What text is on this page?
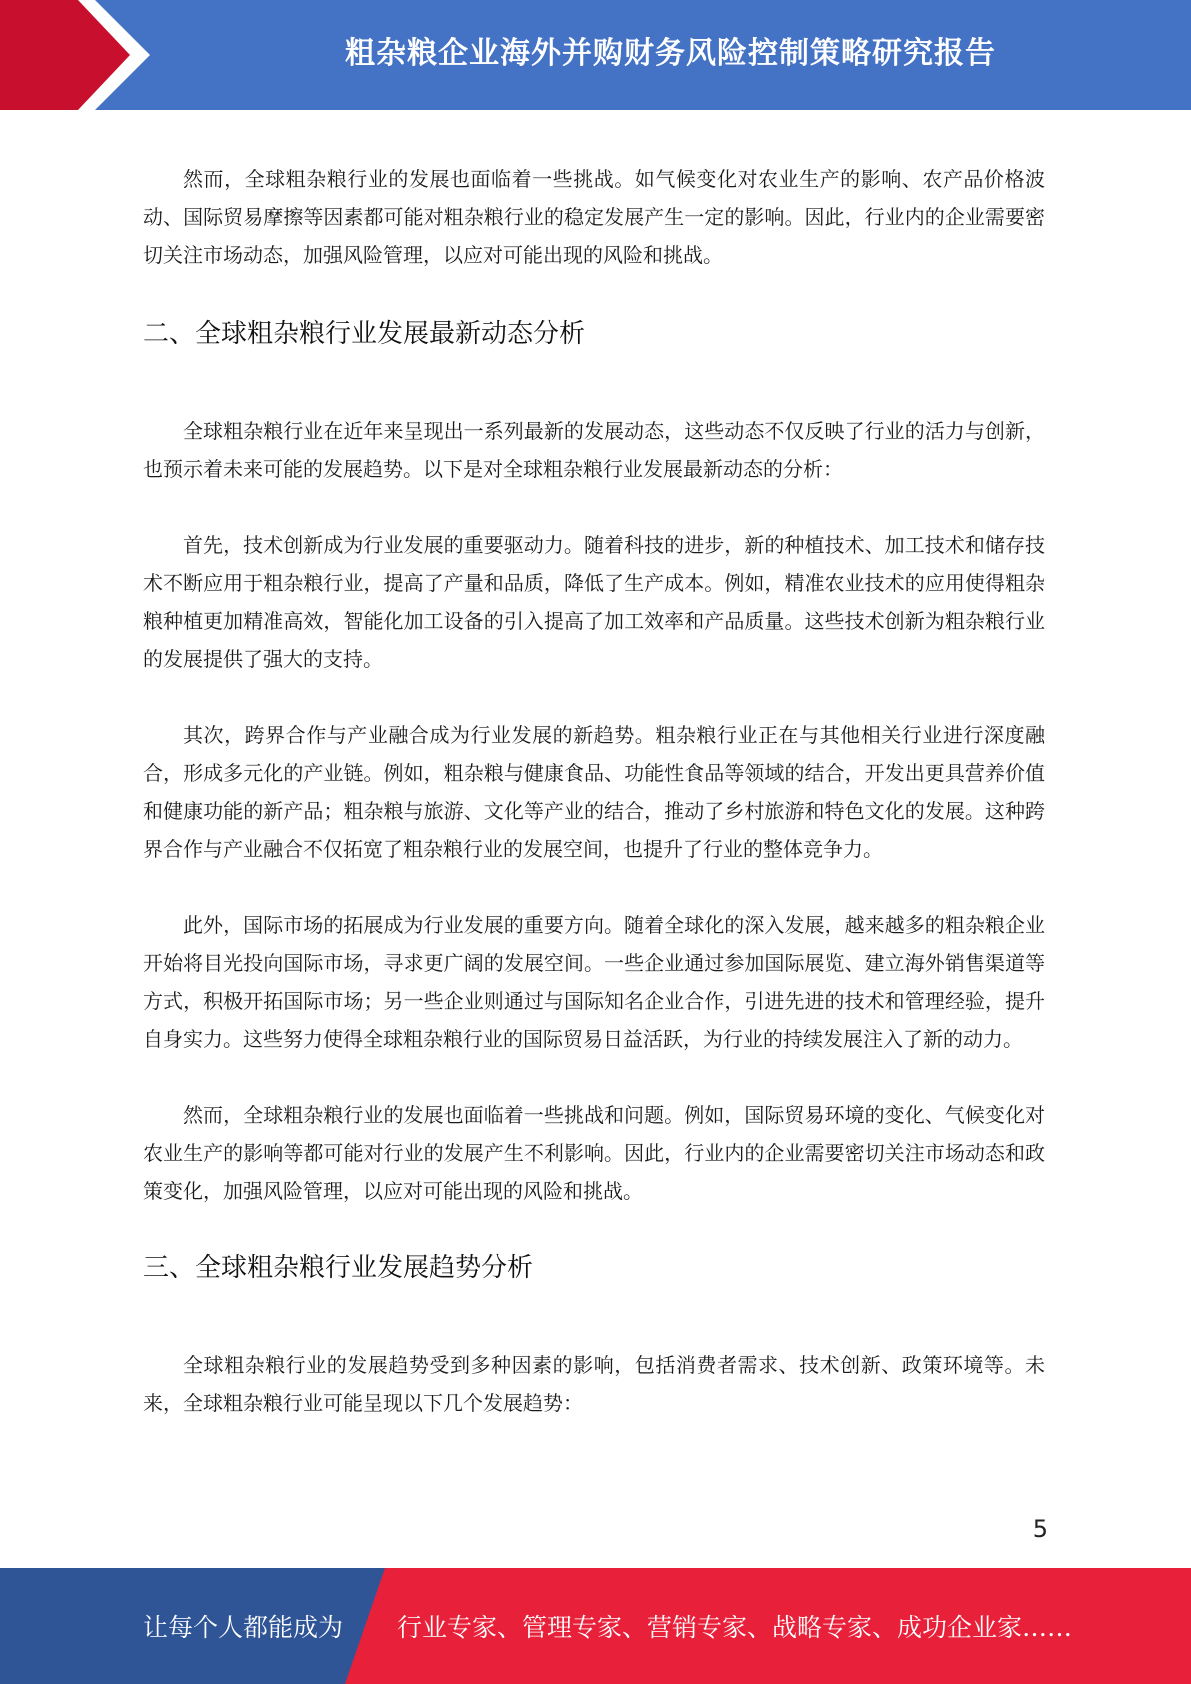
粗杂粮企业海外并购财务风险控制策略研究报告

然而，全球粗杂粮行业的发展也面临着一些挑战。如气候变化对农业生产的影响、农产品价格波动、国际贸易摩擦等因素都可能对粗杂粮行业的稳定发展产生一定的影响。因此，行业内的企业需要密切关注市场动态，加强风险管理，以应对可能出现的风险和挑战。

二、全球粗杂粮行业发展最新动态分析

全球粗杂粮行业在近年来呈现出一系列最新的发展动态，这些动态不仅反映了行业的活力与创新，也预示着未来可能的发展趋势。以下是对全球粗杂粮行业发展最新动态的分析：

首先，技术创新成为行业发展的重要驱动力。随着科技的进步，新的种植技术、加工技术和储存技术不断应用于粗杂粮行业，提高了产量和品质，降低了生产成本。例如，精准农业技术的应用使得粗杂粮种植更加精准高效，智能化加工设备的引入提高了加工效率和产品质量。这些技术创新为粗杂粮行业的发展提供了强大的支持。

其次，跨界合作与产业融合成为行业发展的新趋势。粗杂粮行业正在与其他相关行业进行深度融合，形成多元化的产业链。例如，粗杂粮与健康食品、功能性食品等领域的结合，开发出更具营养价值和健康功能的新产品；粗杂粮与旅游、文化等产业的结合，推动了乡村旅游和特色文化的发展。这种跨界合作与产业融合不仅拓宽了粗杂粮行业的发展空间，也提升了行业的整体竞争力。

此外，国际市场的拓展成为行业发展的重要方向。随着全球化的深入发展，越来越多的粗杂粮企业开始将目光投向国际市场，寻求更广阔的发展空间。一些企业通过参加国际展览、建立海外销售渠道等方式，积极开拓国际市场；另一些企业则通过与国际知名企业合作，引进先进的技术和管理经验，提升自身实力。这些努力使得全球粗杂粮行业的国际贸易日益活跃，为行业的持续发展注入了新的动力。

然而，全球粗杂粮行业的发展也面临着一些挑战和问题。例如，国际贸易环境的变化、气候变化对农业生产的影响等都可能对行业的发展产生不利影响。因此，行业内的企业需要密切关注市场动态和政策变化，加强风险管理，以应对可能出现的风险和挑战。

三、全球粗杂粮行业发展趋势分析

全球粗杂粮行业的发展趋势受到多种因素的影响，包括消费者需求、技术创新、政策环境等。未来，全球粗杂粮行业可能呈现以下几个发展趋势：

5
让每个人都能成为 行业专家、管理专家、营销专家、战略专家、成功企业家……
